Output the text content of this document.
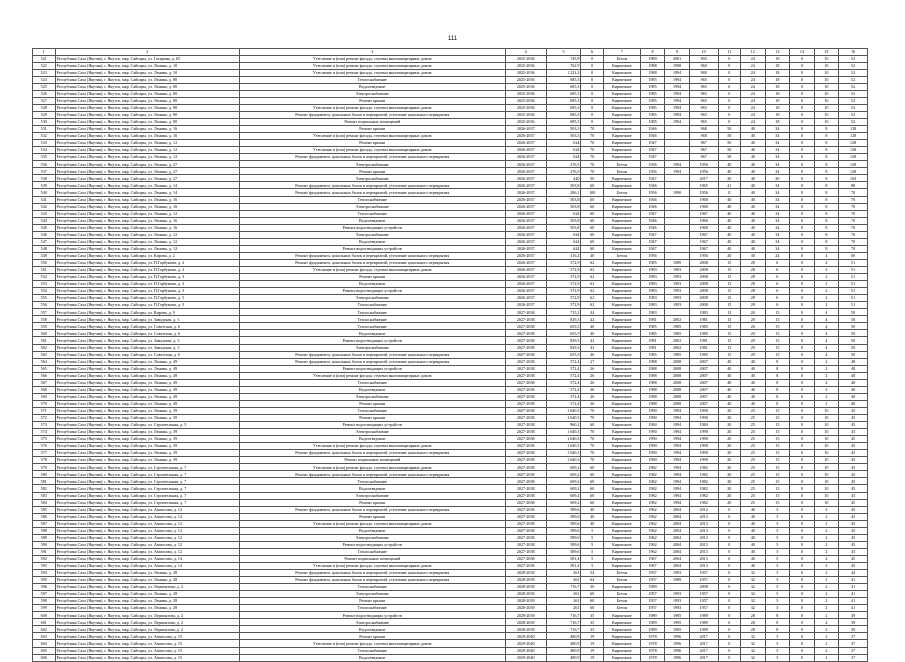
111
1	2	3	4	5	6	7	8	9	10	11	12	13	14	15	16
521	Республика Саха (Якутия), г. Якутск, мкр. Сайсары, ул. Гагарина, д. 65	Утепление и (или) ремонт фасада, ступени многоквартирных домов	2025-2036	745,9	0	Бетон	1969	2001	903	0	24	18	0	10	52
522	Республика Саха (Якутия), г. Якутск, мкр. Сайсары, ул. Ленина, д. 10	Утепление и (или) ремонт фасада, ступени многоквартирных домов	2025-2036	762,9	0	Кирпичное	1988	1998	960	0	24	18	0	10	52
523	Республика Саха (Якутия), г. Якутск, мкр. Сайсары, ул. Ленина, д. 10	Утепление и (или) ремонт фасада, ступени многоквартирных домов	2025-2036	1 221,2	0	Кирпичное	1988	1994	980	0	24	18	0	10	52
524	Республика Саха (Якутия), г. Якутск, мкр. Сайсары, ул. Ленина, д. 80	Теплоснабжение	2025-2036	685,3	0	Кирпичное	1985	1994	965	0	24	18	0	10	52
525	Республика Саха (Якутия), г. Якутск, мкр. Сайсары, ул. Ленина, д. 80	Водоотведение	2025-2036	685,3	0	Кирпичное	1985	1994	965	0	24	18	0	10	52
526	Республика Саха (Якутия), г. Якутск, мкр. Сайсары, ул. Ленина, д. 80	Электроснабжение	2025-2036	685,3	0	Кирпичное	1985	1994	965	0	24	18	0	10	52
527	Республика Саха (Якутия), г. Якутск, мкр. Сайсары, ул. Ленина, д. 80	Ремонт крыши	2025-2036	685,3	0	Кирпичное	1985	1994	965	0	24	18	0	10	52
528	Республика Саха (Якутия), г. Якутск, мкр. Сайсары, ул. Ленина, д. 80	Утепление и (или) ремонт фасада, ступени многоквартирных домов	2025-2036	685,3	0	Кирпичное	1985	1994	965	0	24	18	0	10	52
529	Республика Саха (Якутия), г. Якутск, мкр. Сайсары, ул. Ленина, д. 80	Ремонт фундамента, цокольных балок и перекрытий, утепление цокольного перекрытия	2025-2036	685,3	0	Кирпичное	1985	1994	965	0	24	18	0	10	52
530	Республика Саха (Якутия), г. Якутск, мкр. Сайсары, ул. Ленина, д. 80	Ремонт подвальных помещений	2025-2036	685,3	0	Кирпичное	1985	1994	965	0	24	18	0	10	52
531	Республика Саха (Якутия), г. Якутск, мкр. Сайсары, ул. Ленина, д. 16	Ремонт крыши	2026-2037	503,3	70	Кирпичное	1946		968	50	40	34	0	8	128
532	Республика Саха (Якутия), г. Якутск, мкр. Сайсары, ул. Ленина, д. 16	Утепление и (или) ремонт фасада, ступени многоквартирных домов	2026-2037	503,3	70	Кирпичное	1946		968	50	40	34	0	8	128
533	Республика Саха (Якутия), г. Якутск, мкр. Сайсары, ул. Ленина, д. 12	Ремонт крыши	2026-2037	624	70	Кирпичное	1947		967	50	40	34	0	8	128
534	Республика Саха (Якутия), г. Якутск, мкр. Сайсары, ул. Ленина, д. 12	Утепление и (или) ремонт фасада, ступени многоквартирных домов	2026-2037	624	70	Кирпичное	1947		967	50	40	34	0	8	128
535	Республика Саха (Якутия), г. Якутск, мкр. Сайсары, ул. Ленина, д. 12	Ремонт фундамента, цокольных балок и перекрытий, утепление цокольного перекрытия	2026-2037	624	70	Кирпичное	1947		967	50	40	34	0	8	128
536	Республика Саха (Якутия), г. Якутск, мкр. Сайсары, ул. Ленина, д. 27	Электроснабжение	2026-2037	276,5	70	Бетон	1956	1994	1956	40	40	34	0	8	128
537	Республика Саха (Якутия), г. Якутск, мкр. Сайсары, ул. Ленина, д. 27	Ремонт крыши	2026-2037	276,5	70	Бетон	1956	1994	1956	40	40	34	0	8	128
538	Республика Саха (Якутия), г. Якутск, мкр. Сайсары, ул. Ленина, д. 27	Электроснабжение	2026-2037	420	50	Кирпичное	1947		2017	20	40	20	0	8	104
539	Республика Саха (Якутия), г. Якутск, мкр. Сайсары, ул. Ленина, д. 14	Ремонт фундамента, цокольных балок и перекрытий, утепление цокольного перекрытия	2026-2037	503,8	60	Кирпичное	1946		1965	41	40	34	0	8	88
540	Республика Саха (Якутия), г. Якутск, мкр. Сайсары, ул. Ленина, д. 14	Ремонт фундамента, цокольных балок и перекрытий, утепление цокольного перекрытия	2026-2037	286,1	100	Бетон	1956	1990	1956	0	40	34	0	8	70
541	Республика Саха (Якутия), г. Якутск, мкр. Сайсары, ул. Ленина, д. 16	Теплоснабжение	2026-2037	503,8	60	Кирпичное	1946		1968	40	40	34	0	8	70
542	Республика Саха (Якутия), г. Якутск, мкр. Сайсары, ул. Ленина, д. 16	Электроснабжение	2026-2037	503,8	60	Кирпичное	1946		1968	40	40	34	0	8	70
543	Республика Саха (Якутия), г. Якутск, мкр. Сайсары, ул. Ленина, д. 12	Теплоснабжение	2026-2037	624	60	Кирпичное	1947		1967	40	40	34	0	8	70
544	Республика Саха (Якутия), г. Якутск, мкр. Сайсары, ул. Ленина, д. 16	Водоотведение	2026-2037	503,8	60	Кирпичное	1946		1968	40	40	34	0	8	70
545	Республика Саха (Якутия), г. Якутск, мкр. Сайсары, ул. Ленина, д. 16	Ремонт водоотводящих устройств	2026-2037	503,8	60	Кирпичное	1946		1968	40	40	34	0	8	70
546	Республика Саха (Якутия), г. Якутск, мкр. Сайсары, ул. Ленина, д. 12	Электроснабжение	2026-2037	624	60	Кирпичное	1947		1967	40	40	34	0	8	70
547	Республика Саха (Якутия), г. Якутск, мкр. Сайсары, ул. Ленина, д. 12	Водоотведение	2026-2037	624	60	Кирпичное	1947		1967	40	40	34	0	8	70
548	Республика Саха (Якутия), г. Якутск, мкр. Сайсары, ул. Ленина, д. 12	Ремонт водоотводящих устройств	2026-2037	624	60	Кирпичное	1947		1967	40	40	34	0	8	70
549	Республика Саха (Якутия), г. Якутск, мкр. Сайсары, ул. Кирова, д. 2	Ремонт фундамента, цокольных балок и перекрытий, утепление цокольного перекрытия	2026-2037	316,2	40	Бетон	1956		1956	20	30	24	0	4	60
550	Республика Саха (Якутия), г. Якутск, мкр. Сайсары, ул. П.Горбунова, д. 2	Ремонт фундамента, цокольных балок и перекрытий, утепление цокольного перекрытия	2026-2037	572,9	62	Кирпичное	1985	1989	2008	15	28	6	0	2	51
551	Республика Саха (Якутия), г. Якутск, мкр. Сайсары, ул. П.Горбунова, д. 3	Утепление и (или) ремонт фасада, ступени многоквартирных домов	2026-2037	572,9	62	Кирпичное	1983	1993	2008	15	28	6	0	2	51
552	Республика Саха (Якутия), г. Якутск, мкр. Сайсары, ул. П.Горбунова, д. 3	Ремонт крыши	2026-2037	572,9	62	Кирпичное	1983	1993	2008	15	28	6	0	2	51
553	Республика Саха (Якутия), г. Якутск, мкр. Сайсары, ул. П.Горбунова, д. 3	Водоотведение	2026-2037	572,9	62	Кирпичное	1983	1993	2008	15	28	6	0	2	51
554	Республика Саха (Якутия), г. Якутск, мкр. Сайсары, ул. П.Горбунова, д. 3	Ремонт водоотводящих устройств	2026-2037	572,9	62	Кирпичное	1983	1993	2008	15	28	6	0	2	51
555	Республика Саха (Якутия), г. Якутск, мкр. Сайсары, ул. П.Горбунова, д. 5	Электроснабжение	2026-2037	572,9	62	Кирпичное	1983	1993	2008	15	28	6	0	2	51
556	Республика Саха (Якутия), г. Якутск, мкр. Сайсары, ул. П.Горбунова, д. 5	Теплоснабжение	2026-2037	572,9	62	Кирпичное	1983	1993	2008	15	28	6	0	2	51
557	Республика Саха (Якутия), г. Якутск, мкр. Сайсары, ул. Кирова, д. 9	Теплоснабжение	2027-2038	715,3	44	Кирпичное	1983		1983	15	20	15	0	4	50
558	Республика Саха (Якутия), г. Якутск, мкр. Сайсары, ул. Заводская, д. 3	Теплоснабжение	2027-2038	829,3	42	Кирпичное	1981	2002	1981	15	20	15	0	4	50
559	Республика Саха (Якутия), г. Якутск, мкр. Сайсары, ул. Советская, д. 6	Теплоснабжение	2027-2038	655,5	40	Кирпичное	1985	1985	1985	15	20	15	0	4	50
560	Республика Саха (Якутия), г. Якутск, мкр. Сайсары, ул. Советская, д. 6	Водоотведение	2027-2038	655,5	40	Кирпичное	1985	1985	1985	15	20	15	0	4	50
561	Республика Саха (Якутия), г. Якутск, мкр. Сайсары, ул. Заводская, д. 3	Ремонт водоотводящих устройств	2027-2038	829,3	42	Кирпичное	1981	2002	1981	15	20	15	0	4	50
562	Республика Саха (Якутия), г. Якутск, мкр. Сайсары, ул. Заводская, д. 3	Электроснабжение	2027-2038	829,3	42	Кирпичное	1981	2002	1981	15	20	15	0	4	50
563	Республика Саха (Якутия), г. Якутск, мкр. Сайсары, ул. Советская, д. 6	Ремонт фундамента, цокольных балок и перекрытий, утепление цокольного перекрытия	2027-2038	655,5	40	Кирпичное	1985	1985	1985	15	20	15	0	4	50
564	Республика Саха (Якутия), г. Якутск, мкр. Сайсары, ул. Ленина, д. 49	Ремонт фундамента, цокольных балок и перекрытий, утепление цокольного перекрытия	2027-2038	572,4	27	Кирпичное	1988	2008	2007	40	40	8	0	2	48
565	Республика Саха (Якутия), г. Якутск, мкр. Сайсары, ул. Ленина, д. 49	Ремонт водоотводящих устройств	2027-2038	572,4	26	Кирпичное	1988	2008	2007	40	40	8	0	2	48
566	Республика Саха (Якутия), г. Якутск, мкр. Сайсары, ул. Ленина, д. 49	Утепление и (или) ремонт фасада, ступени многоквартирных домов	2027-2038	572,4	26	Кирпичное	1988	2008	2007	40	40	8	0	2	48
567	Республика Саха (Якутия), г. Якутск, мкр. Сайсары, ул. Ленина, д. 49	Теплоснабжение	2027-2038	572,4	26	Кирпичное	1988	2008	2007	40	40	8	0	2	48
568	Республика Саха (Якутия), г. Якутск, мкр. Сайсары, ул. Ленина, д. 49	Водоотведение	2027-2038	572,4	26	Кирпичное	1988	2008	2007	40	40	8	0	2	48
569	Республика Саха (Якутия), г. Якутск, мкр. Сайсары, ул. Ленина, д. 49	Электроснабжение	2027-2038	572,4	26	Кирпичное	1988	2008	2007	40	40	8	0	2	48
570	Республика Саха (Якутия), г. Якутск, мкр. Сайсары, ул. Ленина, д. 49	Ремонт крыши	2027-2038	572,4	26	Кирпичное	1988	2008	2007	40	40	8	0	2	48
571	Республика Саха (Якутия), г. Якутск, мкр. Сайсары, ул. Ленина, д. 39	Теплоснабжение	2027-2038	1 640,3	70	Кирпичное	1990	1994	1990	20	25	15	0	10	45
572	Республика Саха (Якутия), г. Якутск, мкр. Сайсары, ул. Ленина, д. 39	Ремонт крыши	2027-2038	1 640,3	70	Кирпичное	1990	1994	1990	20	25	15	0	10	45
573	Республика Саха (Якутия), г. Якутск, мкр. Сайсары, ул. Строительная, д. 5	Ремонт водоотводящих устройств	2027-2038	860,2	60	Кирпичное	1984	1994	1984	20	25	15	0	10	45
574	Республика Саха (Якутия), г. Якутск, мкр. Сайсары, ул. Ленина, д. 39	Электроснабжение	2027-2038	1 640,3	70	Кирпичное	1990	1994	1990	20	25	15	0	10	45
575	Республика Саха (Якутия), г. Якутск, мкр. Сайсары, ул. Ленина, д. 39	Водоотведение	2027-2038	1 640,3	70	Кирпичное	1990	1994	1990	20	25	15	0	10	45
576	Республика Саха (Якутия), г. Якутск, мкр. Сайсары, ул. Ленина, д. 39	Утепление и (или) ремонт фасада, ступени многоквартирных домов	2027-2038	1 640,3	70	Кирпичное	1990	1994	1990	20	25	15	0	10	45
577	Республика Саха (Якутия), г. Якутск, мкр. Сайсары, ул. Ленина, д. 39	Ремонт фундамента, цокольных балок и перекрытий, утепление цокольного перекрытия	2027-2038	1 640,3	70	Кирпичное	1990	1994	1990	20	25	15	0	10	45
578	Республика Саха (Якутия), г. Якутск, мкр. Сайсары, ул. Ленина, д. 39	Ремонт подвальных помещений	2027-2038	1 640,3	70	Кирпичное	1990	1994	1990	20	25	15	0	10	45
579	Республика Саха (Якутия), г. Якутск, мкр. Сайсары, ул. Строительная, д. 7	Утепление и (или) ремонт фасада, ступени многоквартирных домов	2027-2038	609,2	60	Кирпичное	1982	1994	1982	20	25	15	0	10	45
580	Республика Саха (Якутия), г. Якутск, мкр. Сайсары, ул. Строительная, д. 7	Ремонт фундамента, цокольных балок и перекрытий, утепление цокольного перекрытия	2027-2038	609,2	60	Кирпичное	1982	1994	1982	20	25	15	0	10	45
581	Республика Саха (Якутия), г. Якутск, мкр. Сайсары, ул. Строительная, д. 7	Теплоснабжение	2027-2038	609,2	60	Кирпичное	1982	1994	1982	20	25	15	0	10	45
582	Республика Саха (Якутия), г. Якутск, мкр. Сайсары, ул. Строительная, д. 7	Водоотведение	2027-2038	609,2	60	Кирпичное	1982	1994	1982	20	25	15	0	10	45
583	Республика Саха (Якутия), г. Якутск, мкр. Сайсары, ул. Строительная, д. 7	Электроснабжение	2027-2038	609,2	60	Кирпичное	1982	1994	1982	20	25	15	0	10	45
584	Республика Саха (Якутия), г. Якутск, мкр. Сайсары, ул. Строительная, д. 7	Ремонт крыши	2027-2038	609,2	60	Кирпичное	1982	1994	1982	20	25	15	0	10	45
585	Республика Саха (Якутия), г. Якутск, мкр. Сайсары, ул. Аммосова, д. 12	Ремонт фундамента, цокольных балок и перекрытий, утепление цокольного перекрытия	2027-2038	589,6	40	Кирпичное	1962	2004	2012	0	40	5	0	2	45
586	Республика Саха (Якутия), г. Якутск, мкр. Сайсары, ул. Аммосова, д. 12	Ремонт крыши	2027-2038	589,6	40	Кирпичное	1962	2004	2013	0	40	5	0	2	45
587	Республика Саха (Якутия), г. Якутск, мкр. Сайсары, ул. Аммосова, д. 12	Утепление и (или) ремонт фасада, ступени многоквартирных домов	2027-2038	589,6	40	Кирпичное	1962	2004	2013	0	40	5	0	2	45
588	Республика Саха (Якутия), г. Якутск, мкр. Сайсары, ул. Аммосова, д. 12	Водоотведение	2027-2038	589,6	5	Кирпичное	1962	2004	2013	0	40	5	0	2	45
589	Республика Саха (Якутия), г. Якутск, мкр. Сайсары, ул. Аммосова, д. 12	Электроснабжение	2027-2038	589,6	5	Кирпичное	1962	2004	2013	0	40	5	0	2	45
590	Республика Саха (Якутия), г. Якутск, мкр. Сайсары, ул. Аммосова, д. 12	Ремонт водоотводящих устройств	2027-2038	589,6	5	Кирпичное	1962	2004	2013	0	40	5	0	2	45
591	Республика Саха (Якутия), г. Якутск, мкр. Сайсары, ул. Аммосова, д. 12	Теплоснабжение	2027-2038	589,6	5	Кирпичное	1962	2004	2013	0	40	5	0	2	45
592	Республика Саха (Якутия), г. Якутск, мкр. Сайсары, ул. Аммосова, д. 14	Ремонт подвальных помещений	2027-2038	581,4	5	Кирпичное	1967	2004	2013	0	40	5	0	2	45
593	Республика Саха (Якутия), г. Якутск, мкр. Сайсары, ул. Аммосова, д. 14	Утепление и (или) ремонт фасада, ступени многоквартирных домов	2027-2038	581,4	5	Кирпичное	1967	2004	2013	0	40	5	0	2	45
594	Республика Саха (Якутия), г. Якутск, мкр. Сайсары, ул. Ленина, д. 28	Ремонт фундамента, цокольных балок и перекрытий, утепление цокольного перекрытия	2028-2039	261	54	Бетон	1957	1993	1957	0	32	5	0	2	44
595	Республика Саха (Якутия), г. Якутск, мкр. Сайсары, ул. Ленина, д. 28	Ремонт фундамента, цокольных балок и перекрытий, утепление цокольного перекрытия	2028-2039	261	64	Бетон	1957	1989	1957	0	32	5	0	2	41
596	Республика Саха (Якутия), г. Якутск, мкр. Сайсары, ул. Лермонтова, д. 2	Теплоснабжение	2028-2039	716,7	30	Кирпичное	1989		2008	0	32	5	0	2	41
597	Республика Саха (Якутия), г. Якутск, мкр. Сайсары, ул. Ленина, д. 28	Электроснабжение	2028-2039	261	60	Бетон	1957	1993	1957	0	32	5	0	2	41
598	Республика Саха (Якутия), г. Якутск, мкр. Сайсары, ул. Ленина, д. 28	Ремонт крыши	2028-2039	261	60	Бетон	1957	1993	1957	0	32	5	0	2	41
599	Республика Саха (Якутия), г. Якутск, мкр. Сайсары, ул. Ленина, д. 28	Теплоснабжение	2028-2039	261	60	Бетон	1957	1993	1957	0	32	5	0	2	41
600	Республика Саха (Якутия), г. Якутск, мкр. Сайсары, ул. Лермонтова, д. 2	Ремонт водоотводящих устройств	2028-2039	716,7	35	Кирпичное	1989	1995	1989	0	28	8	0	2	39
601	Республика Саха (Якутия), г. Якутск, мкр. Сайсары, ул. Лермонтова, д. 2	Электроснабжение	2028-2039	716,7	35	Кирпичное	1989	1995	1989	0	28	8	0	2	39
602	Республика Саха (Якутия), г. Якутск, мкр. Сайсары, ул. Лермонтова, д. 2	Водоотведение	2028-2039	716,7	35	Кирпичное	1989	1995	1989	0	28	8	0	2	39
603	Республика Саха (Якутия), г. Якутск, мкр. Сайсары, ул. Аммосова, д. 15	Ремонт крыши	2029-2040	480,9	19	Кирпичное	1978	1996	2017	0	32	5	0	2	37
604	Республика Саха (Якутия), г. Якутск, мкр. Сайсары, ул. Аммосова, д. 15	Утепление и (или) ремонт фасада, ступени многоквартирных домов	2029-2040	480,9	19	Кирпичное	1978	1996	2017	0	32	5	0	2	37
605	Республика Саха (Якутия), г. Якутск, мкр. Сайсары, ул. Аммосова, д. 15	Теплоснабжение	2029-2040	480,9	19	Кирпичное	1978	1996	2017	0	32	5	0	2	37
606	Республика Саха (Якутия), г. Якутск, мкр. Сайсары, ул. Аммосова, д. 15	Водоотведение	2029-2040	480,9	19	Кирпичное	1978	1996	2017	0	32	5	0	2	37
